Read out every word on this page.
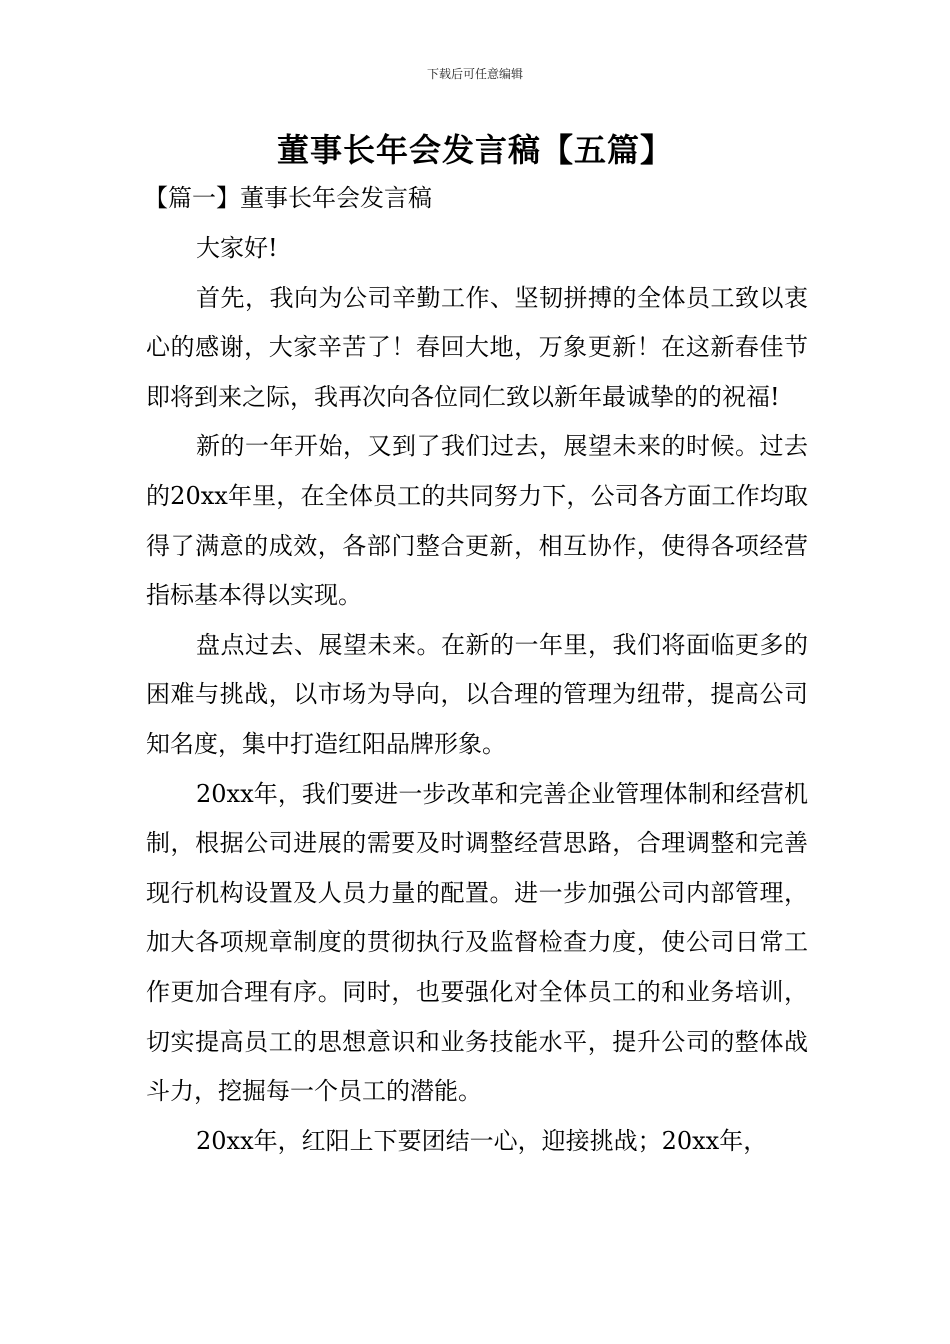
下载后可任意编辑
董事长年会发言稿【五篇】
【篇一】董事长年会发言稿

大家好!

首先，我向为公司辛勤工作、坚韧拼搏的全体员工致以衷心的感谢，大家辛苦了！春回大地，万象更新！在这新春佳节即将到来之际，我再次向各位同仁致以新年最诚挚的的祝福!

新的一年开始，又到了我们过去，展望未来的时候。过去的20xx年里，在全体员工的共同努力下，公司各方面工作均取得了满意的成效，各部门整合更新，相互协作，使得各项经营指标基本得以实现。

盘点过去、展望未来。在新的一年里，我们将面临更多的困难与挑战，以市场为导向，以合理的管理为纽带，提高公司知名度，集中打造红阳品牌形象。

20xx年，我们要进一步改革和完善企业管理体制和经营机制，根据公司进展的需要及时调整经营思路，合理调整和完善现行机构设置及人员力量的配置。进一步加强公司内部管理，加大各项规章制度的贯彻执行及监督检查力度，使公司日常工作更加合理有序。同时，也要强化对全体员工的和业务培训，切实提高员工的思想意识和业务技能水平，提升公司的整体战斗力，挖掘每一个员工的潜能。

20xx年，红阳上下要团结一心，迎接挑战；20xx年，
